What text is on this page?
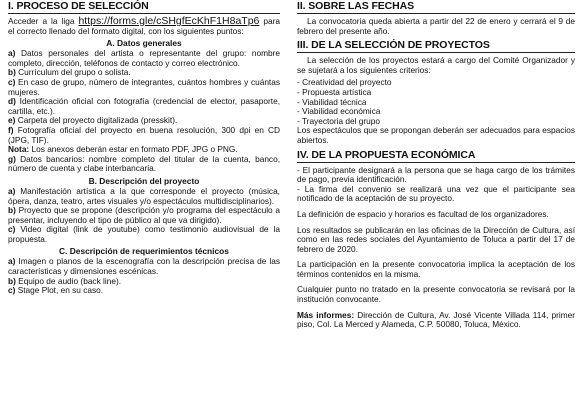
I. PROCESO DE SELECCIÓN

Acceder a la liga https://forms.gle/cSHgfEcKhF1H8aTp6 para el correcto llenado del formato digital, con los siguientes puntos:

A. Datos generales

a) Datos personales del artista o representante del grupo: nombre completo, dirección, teléfonos de contacto y correo electrónico.

b) Currículum del grupo o solista.

c) En caso de grupo, número de integrantes, cuántos hombres y cuántas mujeres.

d) Identificación oficial con fotografía (credencial de elector, pasaporte, cartilla, etc.).

e) Carpeta del proyecto digitalizada (presskit).

f) Fotografía oficial del proyecto en buena resolución, 300 dpi en CD (JPG, TIF).

Nota: Los anexos deberán estar en formato PDF, JPG o PNG.

g) Datos bancarios: nombre completo del titular de la cuenta, banco, número de cuenta y clabe interbancaria.

B. Descripción del proyecto

a) Manifestación artística a la que corresponde el proyecto (música, ópera, danza, teatro, artes visuales y/o espectáculos multidisciplinarios).

b) Proyecto que se propone (descripción y/o programa del espectáculo a presentar, incluyendo el tipo de público al que va dirigido).

c) Video digital (link de youtube) como testimonio audiovisual de la propuesta.

C. Descripción de requerimientos técnicos

a) Imagen o planos de la escenografía con la descripción precisa de las características y dimensiones escénicas.

b) Equipo de audio (back line).

c) Stage Plot, en su caso.

II. SOBRE LAS FECHAS

La convocatoria queda abierta a partir del 22 de enero y cerrará el 9 de febrero del presente año.

III. DE LA SELECCIÓN DE PROYECTOS

La selección de los proyectos estará a cargo del Comité Organizador y se sujetará a los siguientes criterios:

- Creatividad del proyecto
- Propuesta artística
- Viabilidad técnica
- Viabilidad económica
- Trayectoria del grupo

Los espectáculos que se propongan deberán ser adecuados para espacios abiertos.

IV. DE LA PROPUESTA ECONÓMICA
- El participante designará a la persona que se haga cargo de los trámites de pago, previa identificación.
- La firma del convenio se realizará una vez que el participante sea notificado de la aceptación de su proyecto.

La definición de espacio y horarios es facultad de los organizadores.

Los resultados se publicarán en las oficinas de la Dirección de Cultura, así como en las redes sociales del Ayuntamiento de Toluca a partir del 17 de febrero de 2020.

La participación en la presente convocatoria implica la aceptación de los términos contenidos en la misma.

Cualquier punto no tratado en la presente convocatoria se revisará por la institución convocante.

Más informes: Dirección de Cultura, Av. José Vicente Villada 114, primer piso, Col. La Merced y Alameda, C.P. 50080, Toluca, México.
